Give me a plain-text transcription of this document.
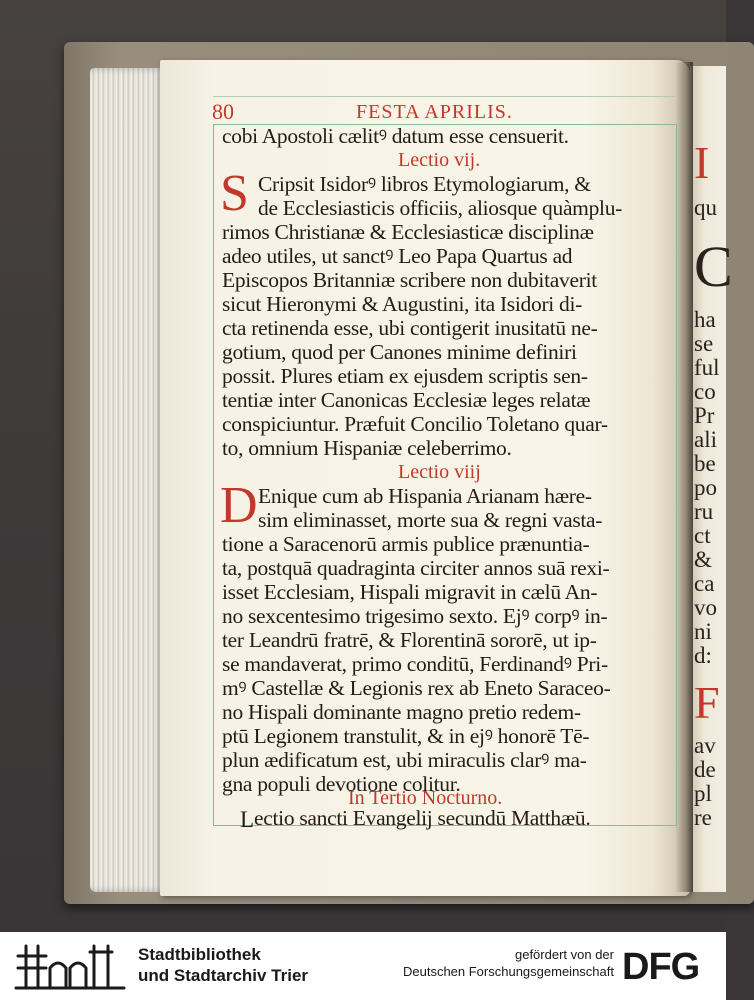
I
qu
C
ha
se
ful
co
Pr
ali
be
po
ru
ct
&
ca
vo
ni
d:
F
av
de
pl
re
80	FESTA APRILIS.
cobi Apostoli cælitꝰ datum esse censuerit.
Lectio vij.
S Cripsit Isidorꝰ libros Etymologiarum, &
de Ecclesiasticis officiis, aliosque quàmplu-
rimos Christianæ & Ecclesiasticæ disciplinæ
adeo utiles, ut sanctꝰ Leo Papa Quartus ad
Episcopos Britanniæ scribere non dubitaverit
sicut Hieronymi & Augustini, ita Isidori di-
cta retinenda esse, ubi contigerit inusitatū ne-
gotium, quod per Canones minime definiri
possit. Plures etiam ex ejusdem scriptis sen-
tentiæ inter Canonicas Ecclesiæ leges relatæ
conspiciuntur. Præfuit Concilio Toletano quar-
to, omnium Hispaniæ celeberrimo.
Lectio viij
D Enique cum ab Hispania Arianam hære-
sim eliminasset, morte sua & regni vasta-
tione a Saracenorū armis publice prænuntia-
ta, postquā quadraginta circiter annos suā rexi-
isset Ecclesiam, Hispali migravit in cælū An-
no sexcentesimo trigesimo sexto. Ejꝰ corpꝰ in-
ter Leandrū fratrē, & Florentinā sororē, ut ip-
se mandaverat, primo conditū, Ferdinandꝰ Pri-
mꝰ Castellæ & Legionis rex ab Eneto Saraceo-
no Hispali dominante magno pretio redem-
ptū Legionem transtulit, & in ejꝰ honorē Tē-
plun ædificatum est, ubi miraculis clarꝰ ma-
gna populi devotione colitur.
In Tertio Nocturno.
L ectio sancti Evangelij secundū Matthæū.
Stadtbibliothek
und Stadtarchiv Trier
gefördert von der
Deutschen Forschungsgemeinschaft DFG
